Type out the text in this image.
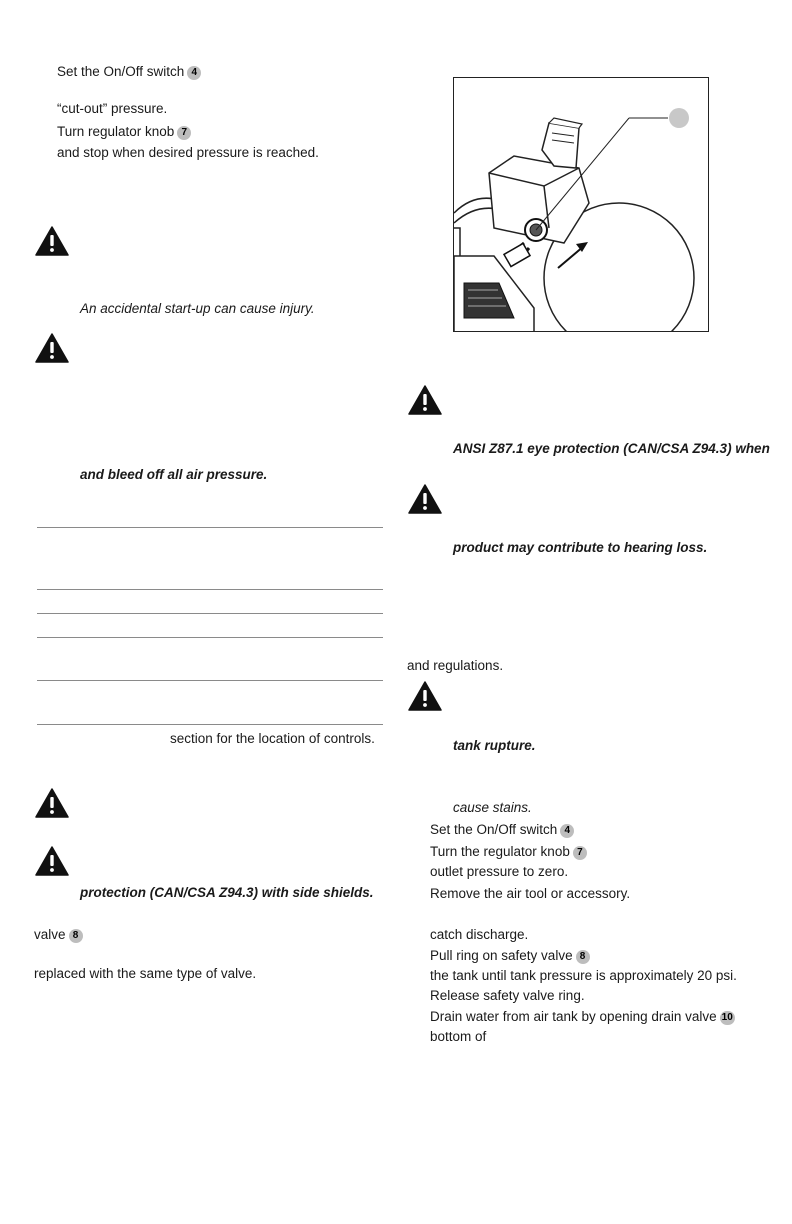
Set the On/Off switch 4
“cut-out” pressure.
Turn regulator knob 7
and stop when desired pressure is reached.
An accidental start-up can cause injury.
and bleed off all air pressure.
section for the location of controls.
protection (CAN/CSA Z94.3) with side shields.
valve 8
replaced with the same type of valve.
ANSI Z87.1 eye protection (CAN/CSA Z94.3) when
product may contribute to hearing loss.
and regulations.
tank rupture.
cause stains.
Set the On/Off switch 4
Turn the regulator knob 7
outlet pressure to zero.
Remove the air tool or accessory.
catch discharge.
Pull ring on safety valve 8
the tank until tank pressure is approximately 20 psi.
Release safety valve ring.
Drain water from air tank by opening drain valve 10
bottom of
